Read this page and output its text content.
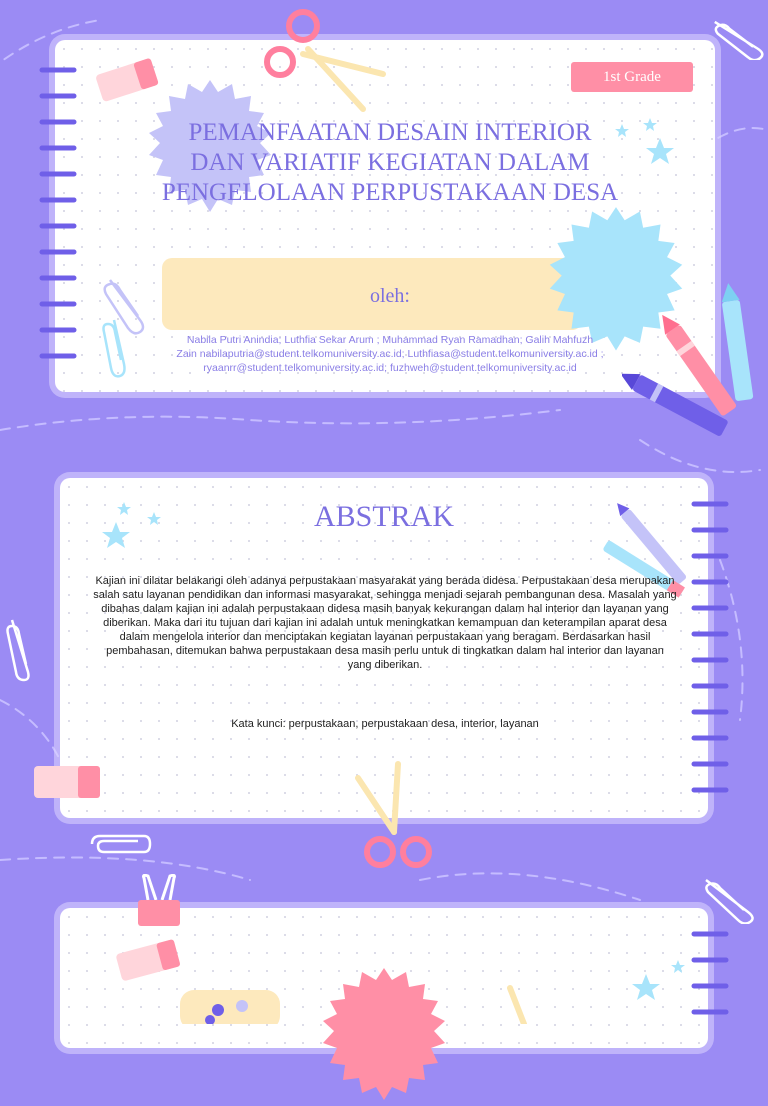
1st Grade
PEMANFAATAN DESAIN INTERIOR DAN VARIATIF KEGIATAN DALAM PENGELOLAAN PERPUSTAKAAN DESA
oleh:
Nabila Putri Anindia; Luthfia Sekar Arum ; Muhammad Ryan Ramadhan; Galih Mahfuzh
Zain nabilaputria@student.telkomuniversity.ac.id; Luthfiasa@student.telkomuniversity.ac.id ;
ryaanrr@student.telkomuniversity.ac.id; fuzhweh@student.telkomuniversity.ac.id
ABSTRAK
Kajian ini dilatar belakangi oleh adanya perpustakaan masyarakat yang berada didesa. Perpustakaan desa merupakan salah satu layanan pendidikan dan informasi masyarakat, sehingga menjadi sejarah pembangunan desa. Masalah yang dibahas dalam kajian ini adalah perpustakaan didesa masih banyak kekurangan dalam hal interior dan layanan yang diberikan. Maka dari itu tujuan dari kajian ini adalah untuk meningkatkan kemampuan dan keterampilan aparat desa dalam mengelola interior dan menciptakan kegiatan layanan perpustakaan yang beragam. Berdasarkan hasil pembahasan, ditemukan bahwa perpustakaan desa masih perlu untuk di tingkatkan dalam hal interior dan layanan yang diberikan.
Kata kunci: perpustakaan, perpustakaan desa, interior, layanan
